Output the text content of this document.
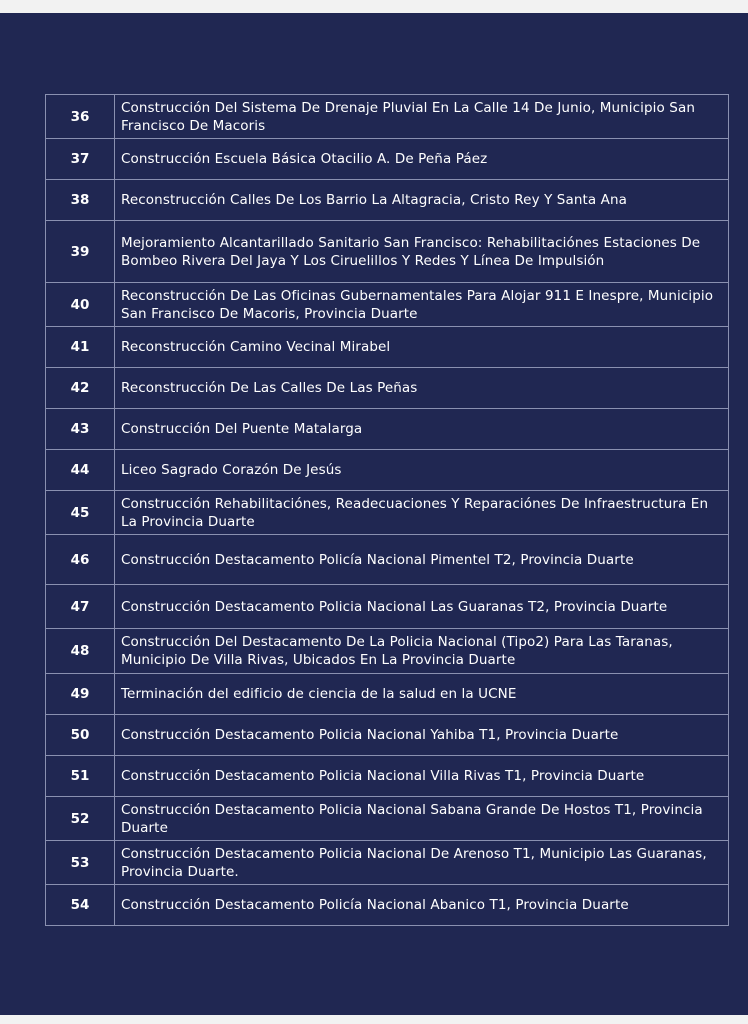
36	Construcción Del Sistema De Drenaje Pluvial En La Calle 14 De Junio, Municipio San Francisco De Macoris
37	Construcción Escuela Básica Otacilio A. De Peña Páez
38	Reconstrucción Calles De Los Barrio La Altagracia, Cristo Rey Y Santa Ana
39	Mejoramiento Alcantarillado Sanitario San Francisco: Rehabilitaciónes Estaciones De Bombeo Rivera Del Jaya Y Los Ciruelillos Y Redes Y Línea De Impulsión
40	Reconstrucción De Las Oficinas Gubernamentales Para Alojar 911 E Inespre, Municipio San Francisco De Macoris, Provincia Duarte
41	Reconstrucción Camino Vecinal Mirabel
42	Reconstrucción De Las Calles De Las Peñas
43	Construcción Del Puente Matalarga
44	Liceo Sagrado Corazón De Jesús
45	Construcción Rehabilitaciónes, Readecuaciones Y Reparaciónes De Infraestructura En La Provincia Duarte
46	Construcción Destacamento Policía Nacional Pimentel T2, Provincia Duarte
47	Construcción Destacamento Policia Nacional Las Guaranas T2, Provincia Duarte
48	Construcción Del Destacamento De La Policia Nacional (Tipo2) Para Las Taranas, Municipio De Villa Rivas, Ubicados En La Provincia Duarte
49	Terminación del edificio de ciencia de la salud en la UCNE
50	Construcción Destacamento Policia Nacional Yahiba T1, Provincia Duarte
51	Construcción Destacamento Policia Nacional Villa Rivas T1, Provincia Duarte
52	Construcción Destacamento Policia Nacional Sabana Grande De Hostos T1, Provincia Duarte
53	Construcción Destacamento Policia Nacional De Arenoso T1, Municipio Las Guaranas, Provincia Duarte.
54	Construcción Destacamento Policía Nacional Abanico T1, Provincia Duarte
